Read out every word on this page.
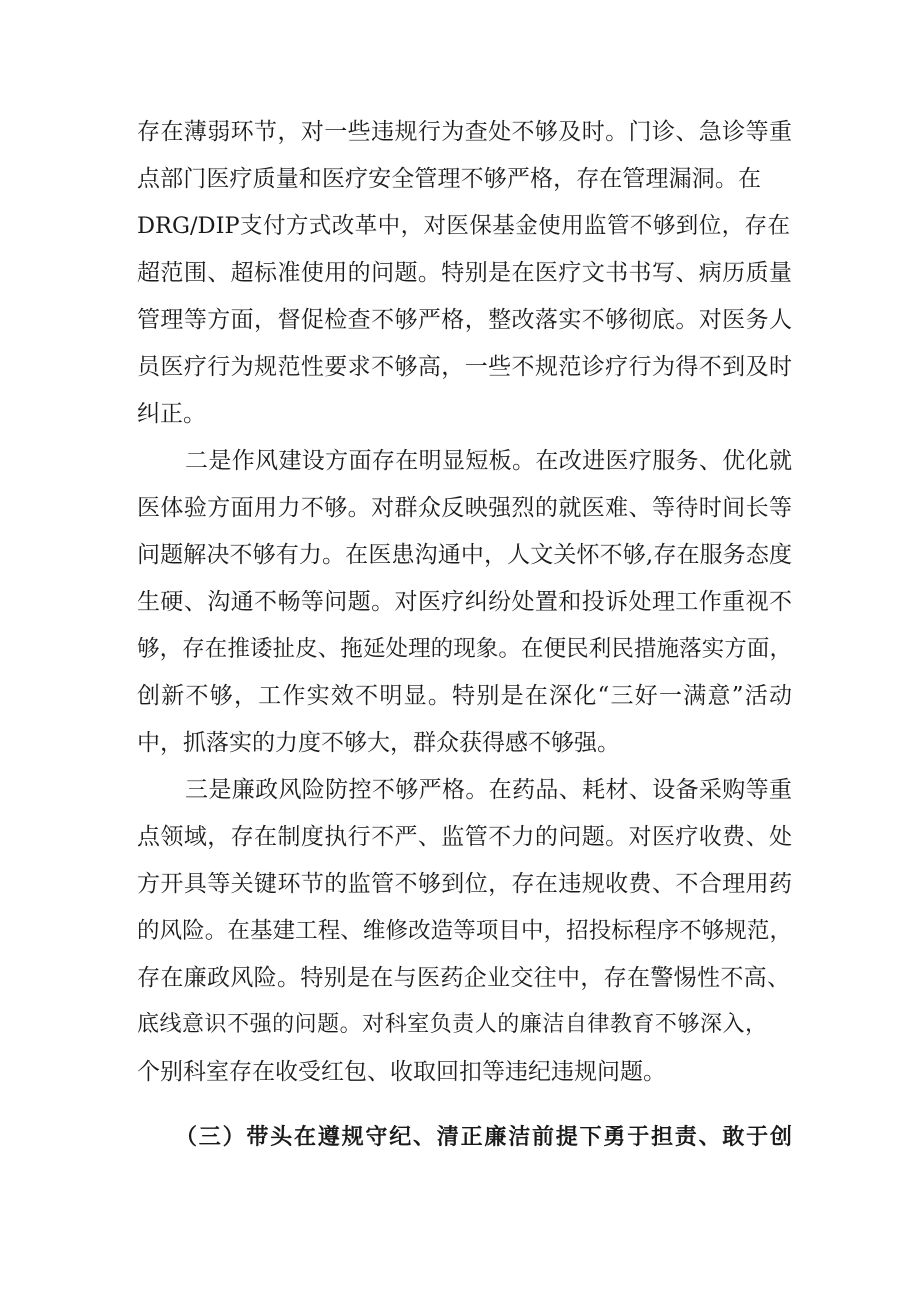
存在薄弱环节，对一些违规行为查处不够及时。门诊、急诊等重
点部门医疗质量和医疗安全管理不够严格，存在管理漏洞。在
DRG/DIP支付方式改革中，对医保基金使用监管不够到位，存在
超范围、超标准使用的问题。特别是在医疗文书书写、病历质量
管理等方面，督促检查不够严格，整改落实不够彻底。对医务人
员医疗行为规范性要求不够高，一些不规范诊疗行为得不到及时
纠正。
二是作风建设方面存在明显短板。在改进医疗服务、优化就
医体验方面用力不够。对群众反映强烈的就医难、等待时间长等
问题解决不够有力。在医患沟通中，人文关怀不够,存在服务态度
生硬、沟通不畅等问题。对医疗纠纷处置和投诉处理工作重视不
够，存在推诿扯皮、拖延处理的现象。在便民利民措施落实方面，
创新不够，工作实效不明显。特别是在深化“三好一满意”活动
中，抓落实的力度不够大，群众获得感不够强。
三是廉政风险防控不够严格。在药品、耗材、设备采购等重
点领域，存在制度执行不严、监管不力的问题。对医疗收费、处
方开具等关键环节的监管不够到位，存在违规收费、不合理用药
的风险。在基建工程、维修改造等项目中，招投标程序不够规范，
存在廉政风险。特别是在与医药企业交往中，存在警惕性不高、
底线意识不强的问题。对科室负责人的廉洁自律教育不够深入，
个别科室存在收受红包、收取回扣等违纪违规问题。
（三）带头在遵规守纪、清正廉洁前提下勇于担责、敢于创
